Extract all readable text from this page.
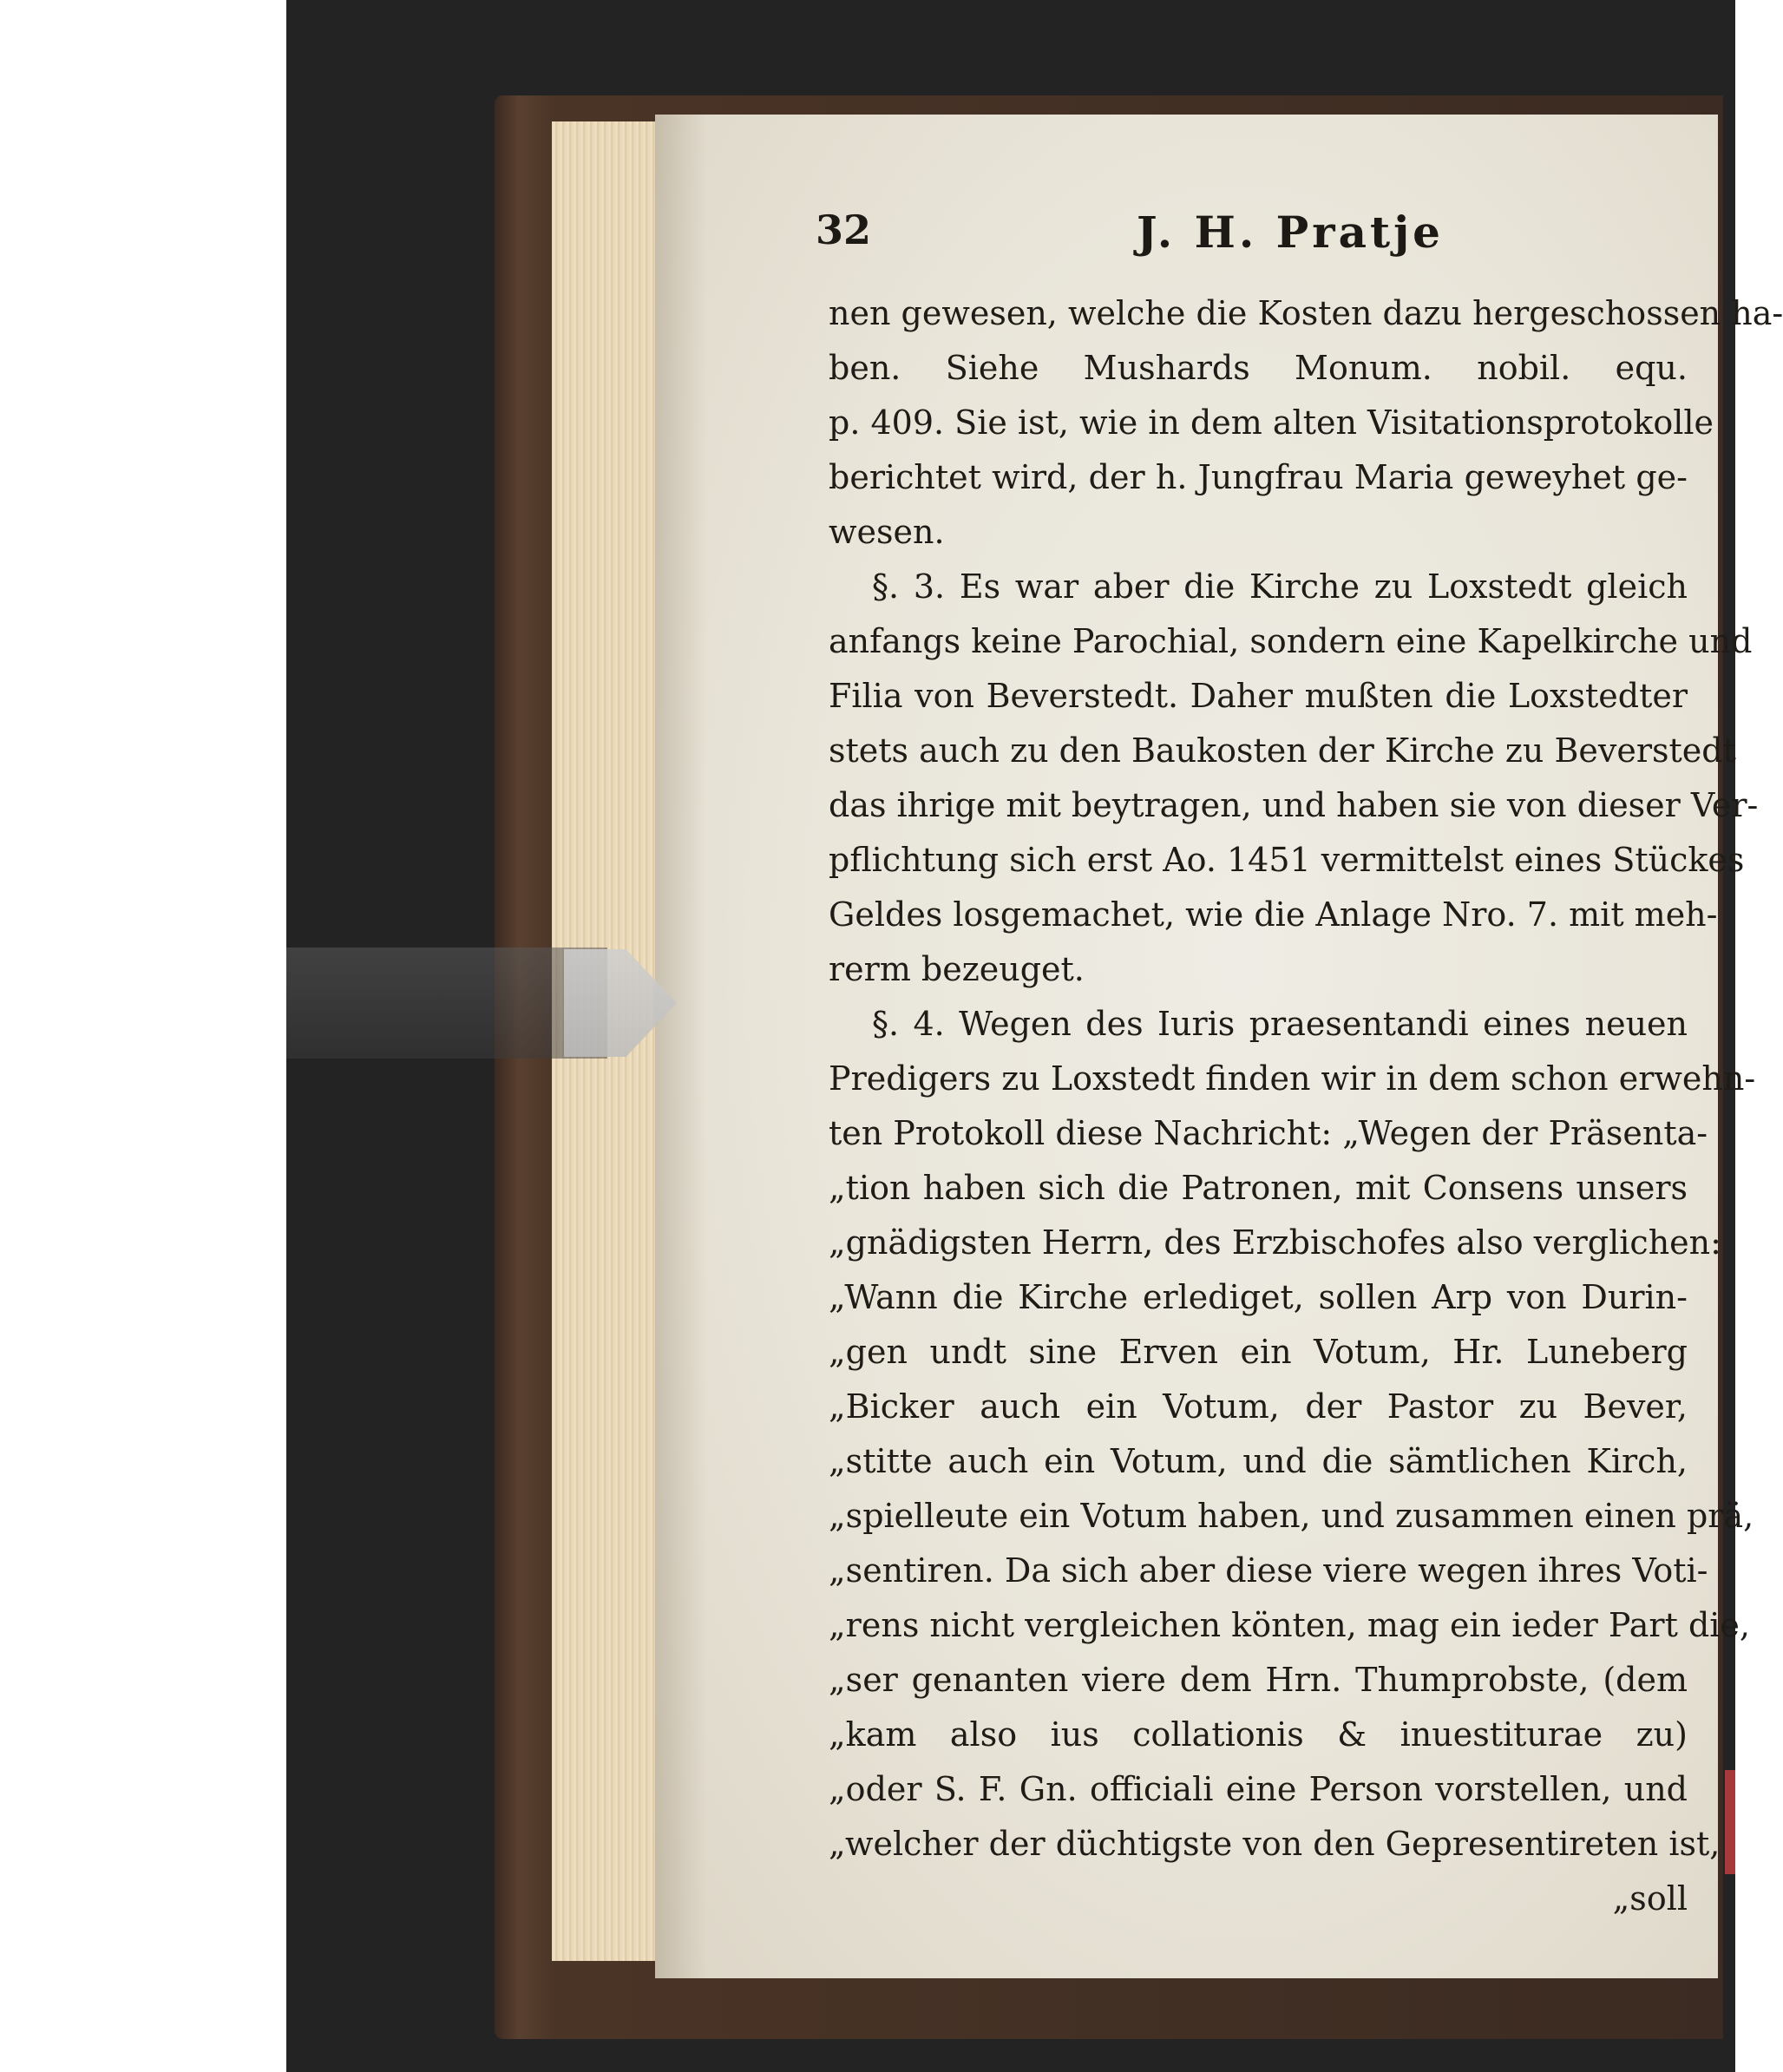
32	J. H. Pratje
nen gewesen, welche die Kosten dazu hergeschossen ha-
ben. Siehe Mushards Monum. nobil. equ.
p. 409. Sie ist, wie in dem alten Visitationsprotokolle
berichtet wird, der h. Jungfrau Maria geweyhet ge-
wesen.
§. 3. Es war aber die Kirche zu Loxstedt gleich
anfangs keine Parochial, sondern eine Kapelkirche und
Filia von Beverstedt. Daher mußten die Loxstedter
stets auch zu den Baukosten der Kirche zu Beverstedt
das ihrige mit beytragen, und haben sie von dieser Ver-
pflichtung sich erst Ao. 1451 vermittelst eines Stückes
Geldes losgemachet, wie die Anlage Nro. 7. mit meh-
rerm bezeuget.
§. 4. Wegen des Iuris praesentandi eines neuen
Predigers zu Loxstedt finden wir in dem schon erwehn-
ten Protokoll diese Nachricht: „Wegen der Präsenta-
„tion haben sich die Patronen, mit Consens unsers
„gnädigsten Herrn, des Erzbischofes also verglichen:
„Wann die Kirche erlediget, sollen Arp von Durin-
„gen undt sine Erven ein Votum, Hr. Luneberg
„Bicker auch ein Votum, der Pastor zu Bever,
„stitte auch ein Votum, und die sämtlichen Kirch,
„spielleute ein Votum haben, und zusammen einen prä,
„sentiren. Da sich aber diese viere wegen ihres Voti-
„rens nicht vergleichen könten, mag ein ieder Part die,
„ser genanten viere dem Hrn. Thumprobste, (dem
„kam also ius collationis & inuestiturae zu)
„oder S. F. Gn. officiali eine Person vorstellen, und
„welcher der düchtigste von den Gepresentireten ist,
„soll
